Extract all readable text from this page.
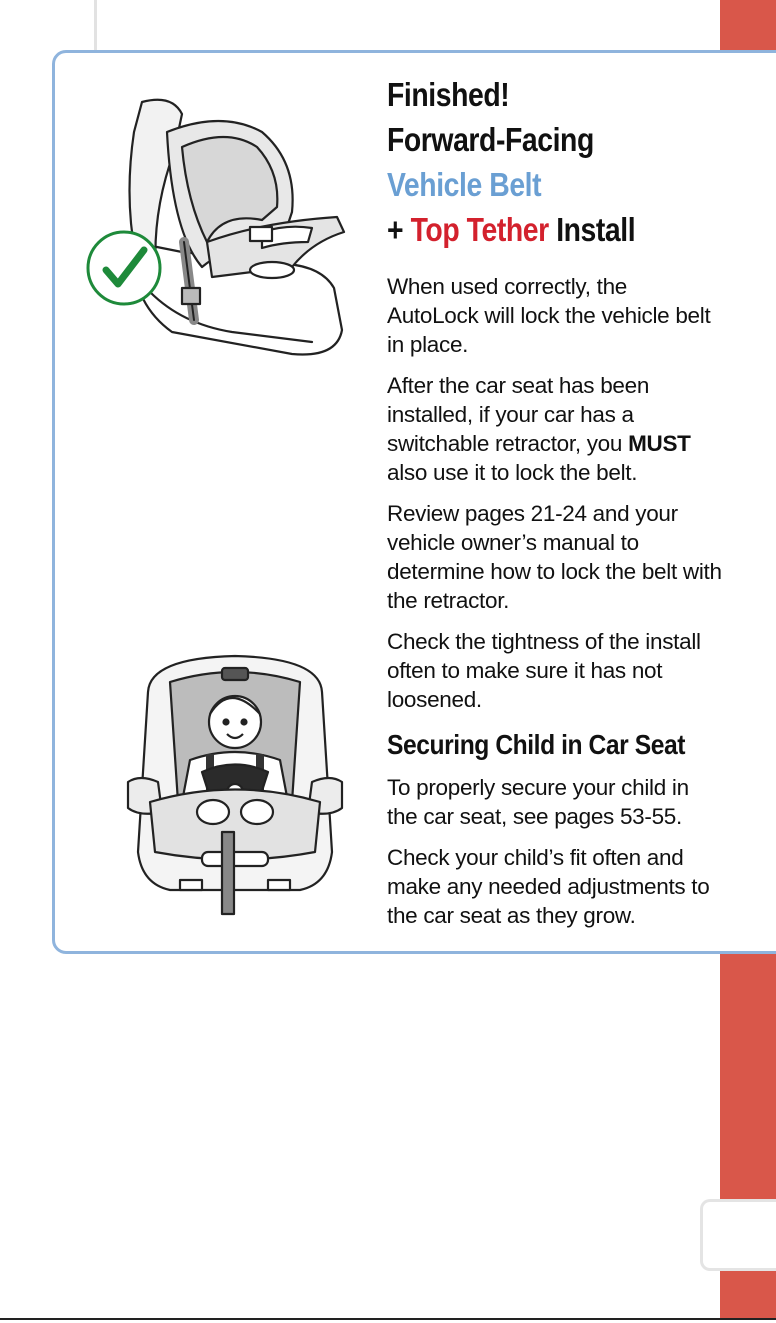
Finished!
Forward-Facing
Vehicle Belt
+ Top Tether Install

When used correctly, the AutoLock will lock the vehicle belt in place.

After the car seat has been installed, if your car has a switchable retractor, you MUST also use it to lock the belt.

Review pages 21-24 and your vehicle owner’s manual to determine how to lock the belt with the retractor.

Check the tightness of the install often to make sure it has not loosened.

Securing Child in Car Seat

To properly secure your child in the car seat, see pages 53-55.

Check your child’s fit often and make any needed adjustments to the car seat as they grow.
